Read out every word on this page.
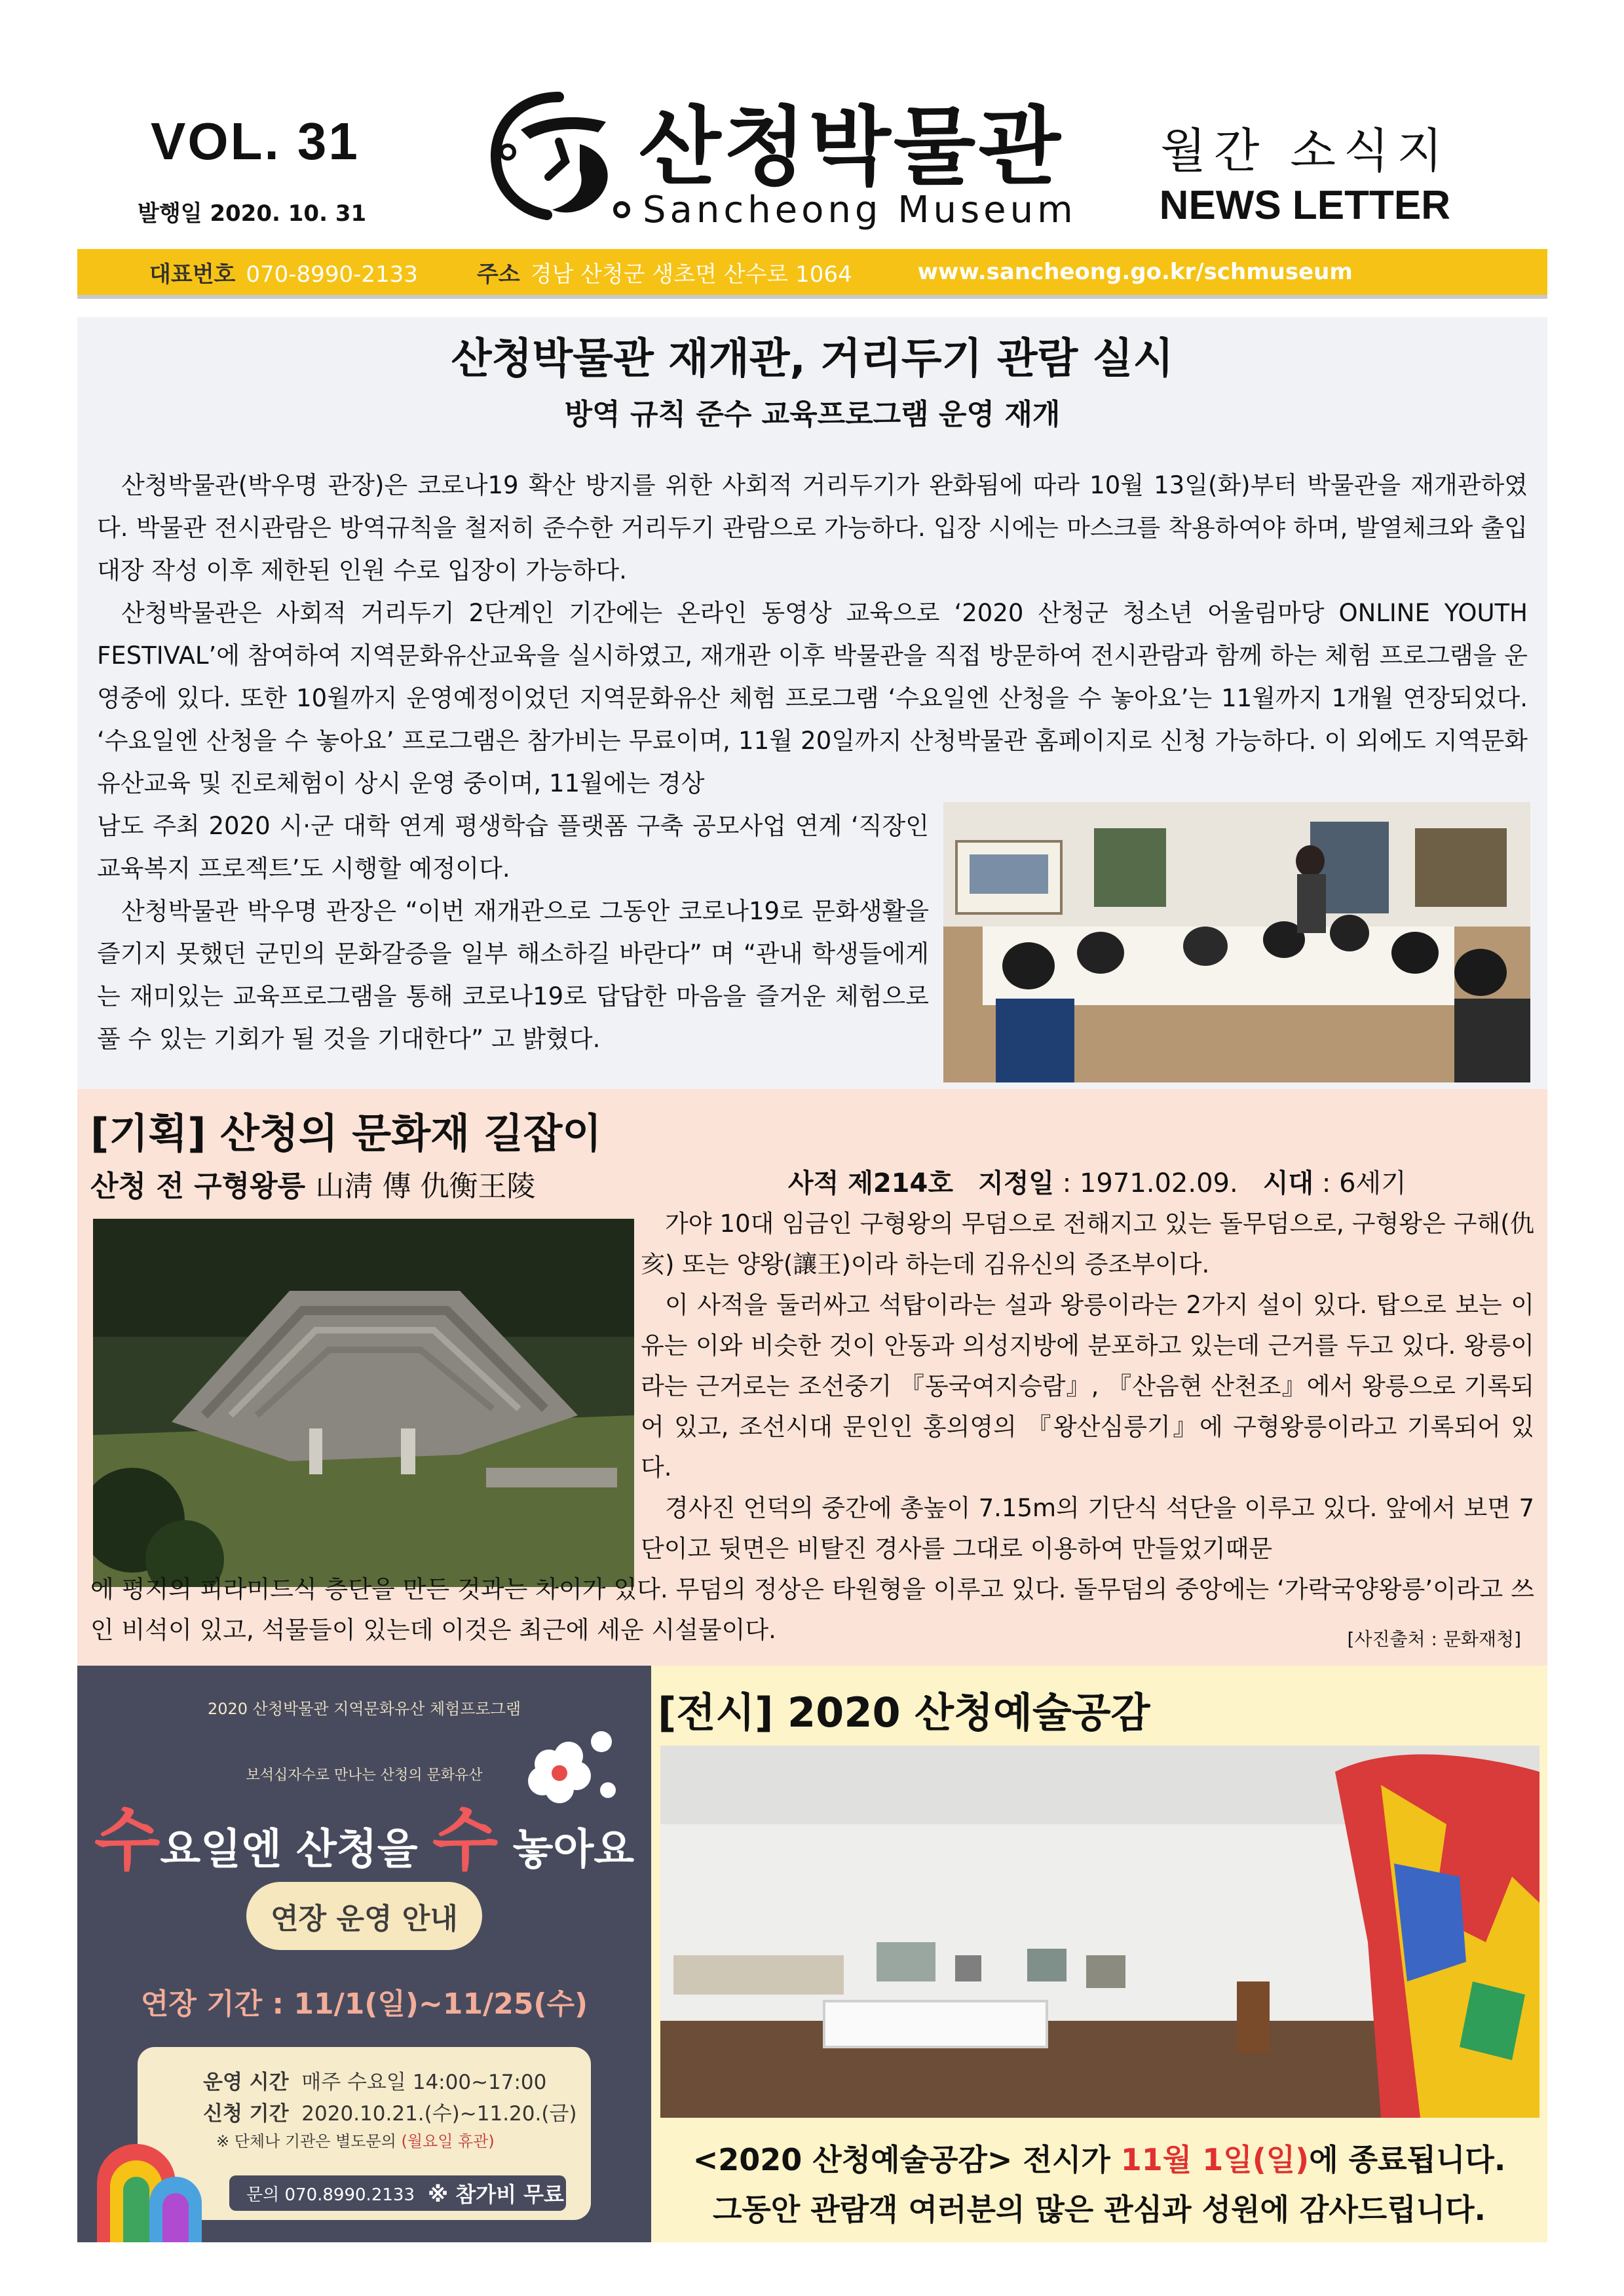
VOL. 31
발행일 2020. 10. 31
산청박물관
Sancheong Museum
월간 소식지
NEWS LETTER
대표번호 070-8990-2133	주소 경남 산청군 생초면 산수로 1064	www.sancheong.go.kr/schmuseum
산청박물관 재개관, 거리두기 관람 실시
방역 규칙 준수 교육프로그램 운영 재개

산청박물관(박우명 관장)은 코로나19 확산 방지를 위한 사회적 거리두기가 완화됨에 따라 10월 13일(화)부터 박물관을 재개관하였다. 박물관 전시관람은 방역규칙을 철저히 준수한 거리두기 관람으로 가능하다. 입장 시에는 마스크를 착용하여야 하며, 발열체크와 출입대장 작성 이후 제한된 인원 수로 입장이 가능하다.

산청박물관은 사회적 거리두기 2단계인 기간에는 온라인 동영상 교육으로 ‘2020 산청군 청소년 어울림마당 ONLINE YOUTH FESTIVAL’에 참여하여 지역문화유산교육을 실시하였고, 재개관 이후 박물관을 직접 방문하여 전시관람과 함께 하는 체험 프로그램을 운영중에 있다. 또한 10월까지 운영예정이었던 지역문화유산 체험 프로그램 ‘수요일엔 산청을 수 놓아요’는 11월까지 1개월 연장되었다. ‘수요일엔 산청을 수 놓아요’ 프로그램은 참가비는 무료이며, 11월 20일까지 산청박물관 홈페이지로 신청 가능하다. 이 외에도 지역문화유산교육 및 진로체험이 상시 운영 중이며, 11월에는 경상

남도 주최 2020 시·군 대학 연계 평생학습 플랫폼 구축 공모사업 연계 ‘직장인 교육복지 프로젝트’도 시행할 예정이다.

산청박물관 박우명 관장은 “이번 재개관으로 그동안 코로나19로 문화생활을 즐기지 못했던 군민의 문화갈증을 일부 해소하길 바란다” 며 “관내 학생들에게는 재미있는 교육프로그램을 통해 코로나19로 답답한 마음을 즐거운 체험으로 풀 수 있는 기회가 될 것을 기대한다” 고 밝혔다.

[기획] 산청의 문화재 길잡이
산청 전 구형왕릉 山淸 傳 仇衡王陵	사적 제214호 지정일 : 1971.02.09. 시대 : 6세기

가야 10대 임금인 구형왕의 무덤으로 전해지고 있는 돌무덤으로, 구형왕은 구해(仇亥) 또는 양왕(讓王)이라 하는데 김유신의 증조부이다.

이 사적을 둘러싸고 석탑이라는 설과 왕릉이라는 2가지 설이 있다. 탑으로 보는 이유는 이와 비슷한 것이 안동과 의성지방에 분포하고 있는데 근거를 두고 있다. 왕릉이라는 근거로는 조선중기 『동국여지승람』, 『산음현 산천조』에서 왕릉으로 기록되어 있고, 조선시대 문인인 홍의영의 『왕산심릉기』에 구형왕릉이라고 기록되어 있다.

경사진 언덕의 중간에 총높이 7.15m의 기단식 석단을 이루고 있다. 앞에서 보면 7단이고 뒷면은 비탈진 경사를 그대로 이용하여 만들었기때문

에 평지의 피라미드식 층단을 만든 것과는 차이가 있다. 무덤의 정상은 타원형을 이루고 있다. 돌무덤의 중앙에는 ‘가락국양왕릉’이라고 쓰인 비석이 있고, 석물들이 있는데 이것은 최근에 세운 시설물이다.	[사진출처 : 문화재청]
2020 산청박물관 지역문화유산 체험프로그램
보석십자수로 만나는 산청의 문화유산
수요일엔 산청을 수 놓아요
연장 운영 안내
연장 기간 : 11/1(일)~11/25(수)
운영 시간 매주 수요일 14:00~17:00
신청 기간 2020.10.21.(수)~11.20.(금)
※ 단체나 기관은 별도문의 (월요일 휴관)
문의 070.8990.2133 ※ 참가비 무료
[전시] 2020 산청예술공감
<2020 산청예술공감> 전시가 11월 1일(일)에 종료됩니다.
그동안 관람객 여러분의 많은 관심과 성원에 감사드립니다.
